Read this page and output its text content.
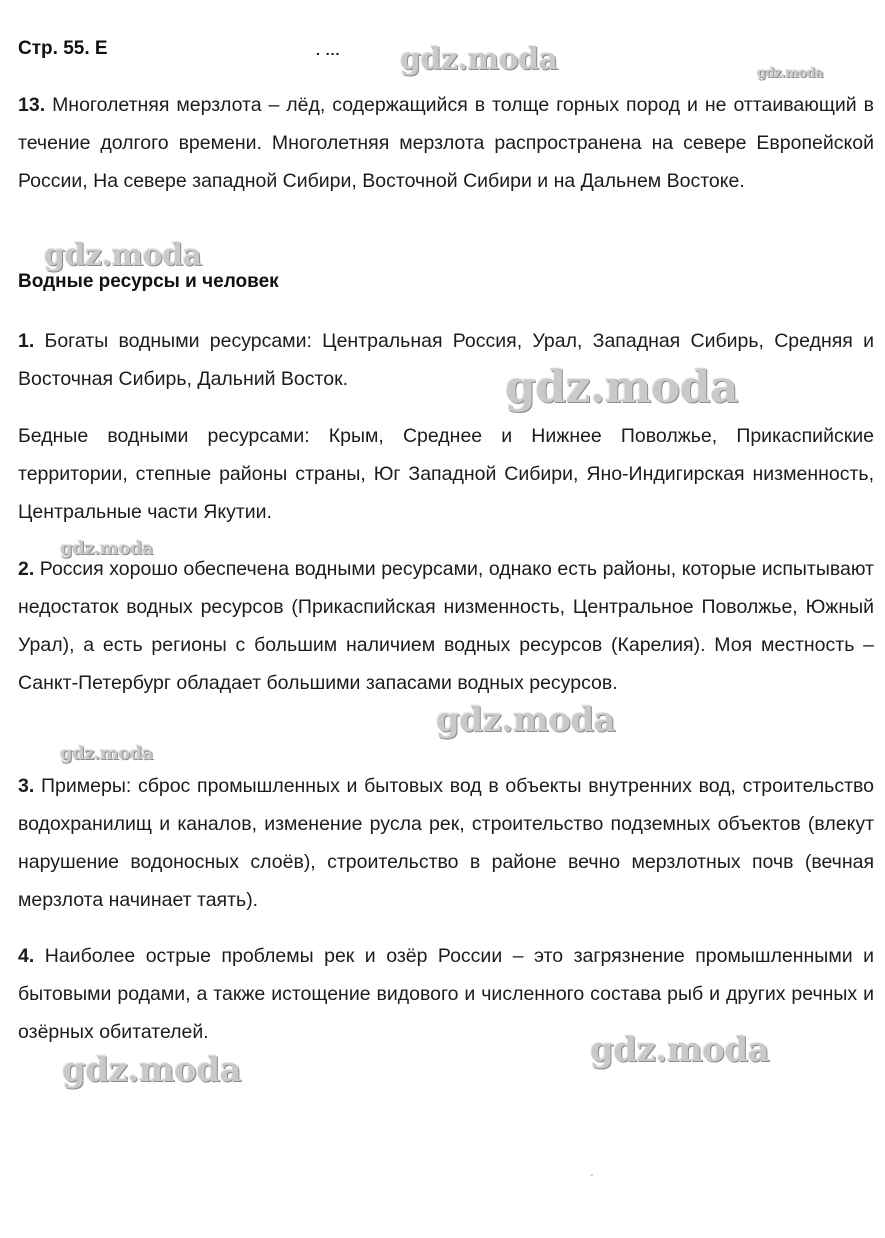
Стр. 55. Е	. ...
13. Многолетняя мерзлота – лёд, содержащийся в толще горных пород и не оттаивающий в течение долгого времени. Многолетняя мерзлота распространена на севере Европейской России, На севере западной Сибири, Восточной Сибири и на Дальнем Востоке.
Водные ресурсы и человек
1. Богаты водными ресурсами: Центральная Россия, Урал, Западная Сибирь, Средняя и Восточная Сибирь, Дальний Восток.
Бедные водными ресурсами: Крым, Среднее и Нижнее Поволжье, Прикаспийские территории, степные районы страны, Юг Западной Сибири, Яно-Индигирская низменность, Центральные части Якутии.
2. Россия хорошо обеспечена водными ресурсами, однако есть районы, которые испытывают недостаток водных ресурсов (Прикаспийская низменность, Центральное Поволжье, Южный Урал), а есть регионы с большим наличием водных ресурсов (Карелия). Моя местность – Санкт-Петербург обладает большими запасами водных ресурсов.
3. Примеры: сброс промышленных и бытовых вод в объекты внутренних вод, строительство водохранилищ и каналов, изменение русла рек, строительство подземных объектов (влекут нарушение водоносных слоёв), строительство в районе вечно мерзлотных почв (вечная мерзлота начинает таять).
4. Наиболее острые проблемы рек и озёр России – это загрязнение промышленными и бытовыми родами, а также истощение видового и численного состава рыб и других речных и озёрных обитателей.
gdz.moda	gdz.moda
gdz.moda
gdz.moda
gdz.moda
gdz.moda
gdz.moda
gdz.moda
gdz.moda
-
